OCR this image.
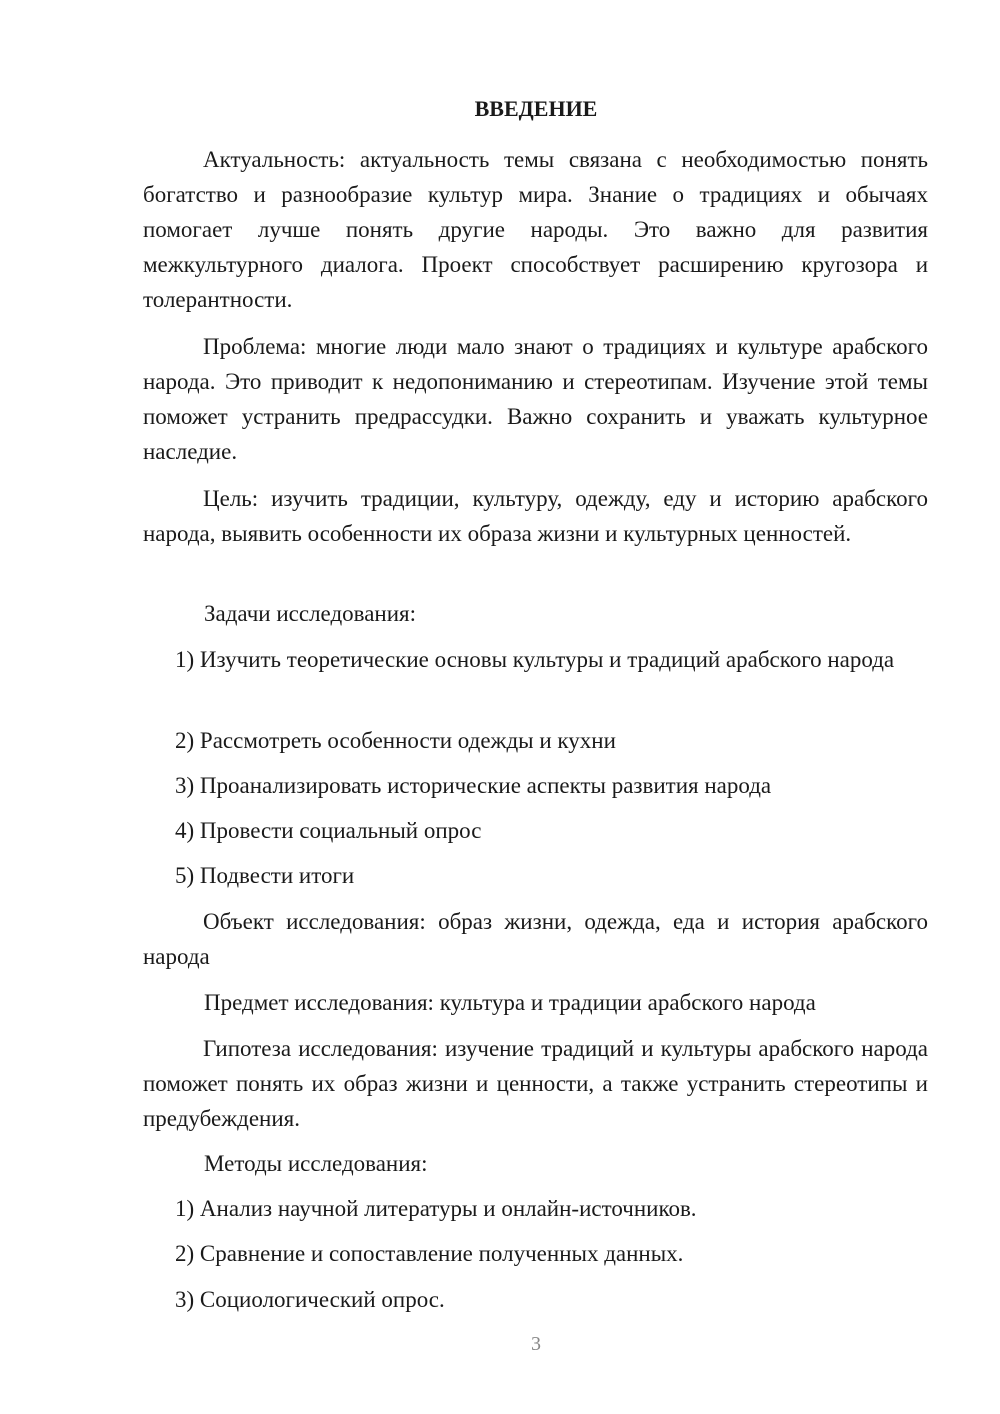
ВВЕДЕНИЕ
Актуальность: актуальность темы связана с необходимостью понять богатство и разнообразие культур мира. Знание о традициях и обычаях помогает лучше понять другие народы. Это важно для развития межкультурного диалога. Проект способствует расширению кругозора и толерантности.
Проблема: многие люди мало знают о традициях и культуре арабского народа. Это приводит к недопониманию и стереотипам. Изучение этой темы поможет устранить предрассудки. Важно сохранить и уважать культурное наследие.
Цель: изучить традиции, культуру, одежду, еду и историю арабского народа, выявить особенности их образа жизни и культурных ценностей.
Задачи исследования:
1) Изучить теоретические основы культуры и традиций арабского народа
2) Рассмотреть особенности одежды и кухни
3) Проанализировать исторические аспекты развития народа
4) Провести социальный опрос
5) Подвести итоги
Объект исследования: образ жизни, одежда, еда и история арабского народа
Предмет исследования: культура и традиции арабского народа
Гипотеза исследования: изучение традиций и культуры арабского народа поможет понять их образ жизни и ценности, а также устранить стереотипы и предубеждения.
Методы исследования:
1) Анализ научной литературы и онлайн-источников.
2) Сравнение и сопоставление полученных данных.
3) Социологический опрос.
3
